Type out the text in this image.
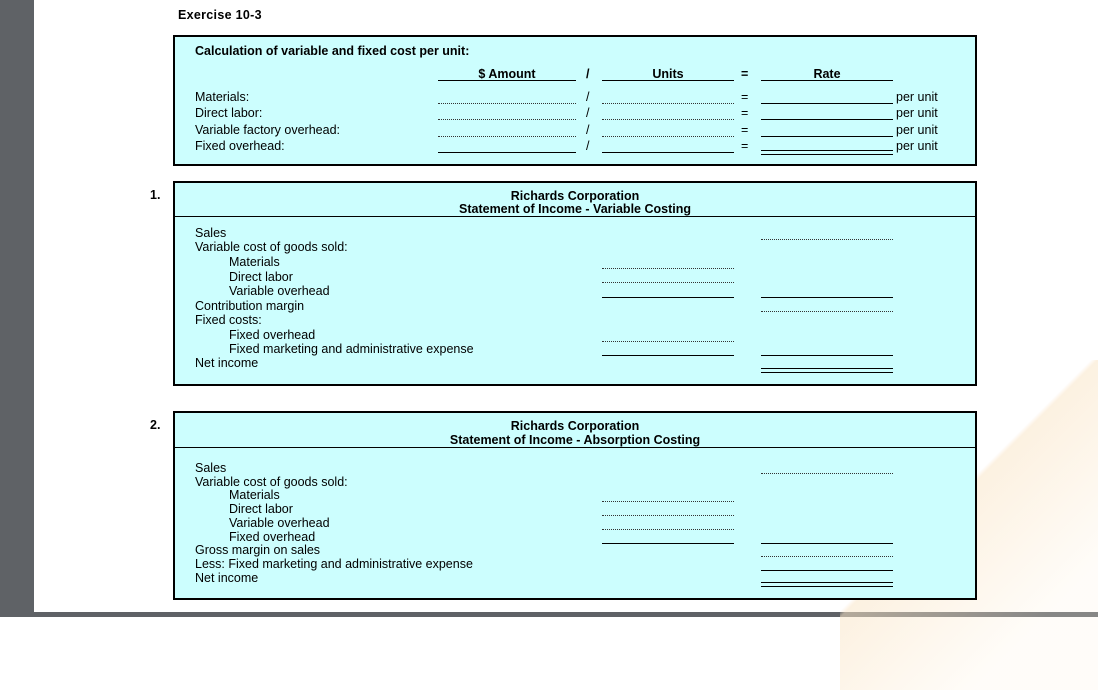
Exercise 10-3
Calculation of variable and fixed cost per unit:
$ Amount	/	Units	=	Rate
Materials:	/	=	per unit
Direct labor:	/	=	per unit
Variable factory overhead:	/	=	per unit
Fixed overhead:	/	=	per unit
1.	Richards Corporation
Statement of Income - Variable Costing
Sales
Variable cost of goods sold:
Materials
Direct labor
Variable overhead
Contribution margin
Fixed costs:
Fixed overhead
Fixed marketing and administrative expense
Net income
2.	Richards Corporation
Statement of Income - Absorption Costing
Sales
Variable cost of goods sold:
Materials
Direct labor
Variable overhead
Fixed overhead
Gross margin on sales
Less: Fixed marketing and administrative expense
Net income
